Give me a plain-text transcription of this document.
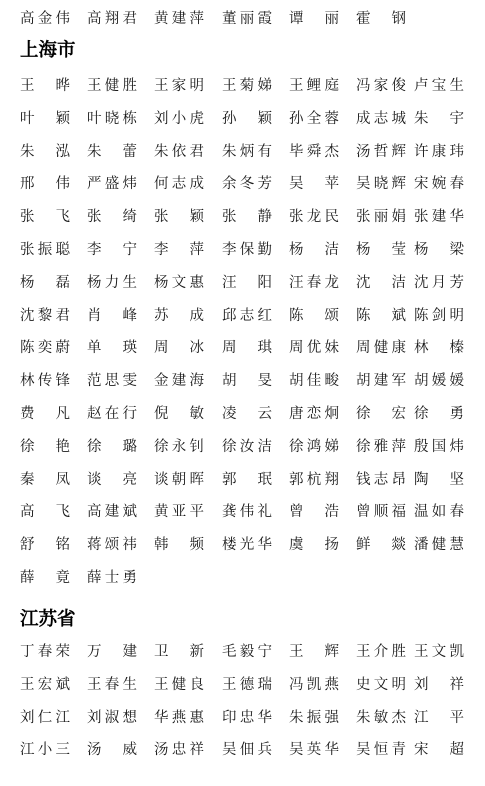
高金伟 高翔君 黄建萍 董丽霞 谭 丽 霍 钢
上海市
王 晔 王健胜 王家明 王菊娣 王鲤庭 冯家俊 卢宝生
叶 颖 叶晓栋 刘小虎 孙 颖 孙全蓉 成志城 朱 宇
朱 泓 朱 蕾 朱依君 朱炳有 毕舜杰 汤哲辉 许康玮
邢 伟 严盛炜 何志成 余冬芳 吴 苹 吴晓辉 宋婉春
张 飞 张 绮 张 颖 张 静 张龙民 张丽娟 张建华
张振聪 李 宁 李 萍 李保勤 杨 洁 杨 莹 杨 梁
杨 磊 杨力生 杨文惠 汪 阳 汪春龙 沈 洁 沈月芳
沈黎君 肖 峰 苏 成 邱志红 陈 颂 陈 斌 陈剑明
陈奕蔚 单 瑛 周 冰 周 琪 周优妹 周健康 林 榛
林传锋 范思雯 金建海 胡 旻 胡佳畯 胡建军 胡媛媛
费 凡 赵在行 倪 敏 凌 云 唐恋炯 徐 宏 徐 勇
徐 艳 徐 璐 徐永钊 徐汝洁 徐鸿娣 徐雅萍 殷国炜
秦 凤 谈 亮 谈朝晖 郭 珉 郭杭翔 钱志昂 陶 坚
高 飞 高建斌 黄亚平 龚伟礼 曾 浩 曾顺福 温如春
舒 铭 蒋颂祎 韩 频 楼光华 虞 扬 鲜 燚 潘健慧
薛 竟 薛士勇
江苏省
丁春荣 万 建 卫 新 毛毅宁 王 辉 王介胜 王文凯
王宏斌 王春生 王健良 王德瑞 冯凯燕 史文明 刘 祥
刘仁江 刘淑想 华燕惠 印忠华 朱振强 朱敏杰 江 平
江小三 汤 威 汤忠祥 吴佃兵 吴英华 吴恒青 宋 超
